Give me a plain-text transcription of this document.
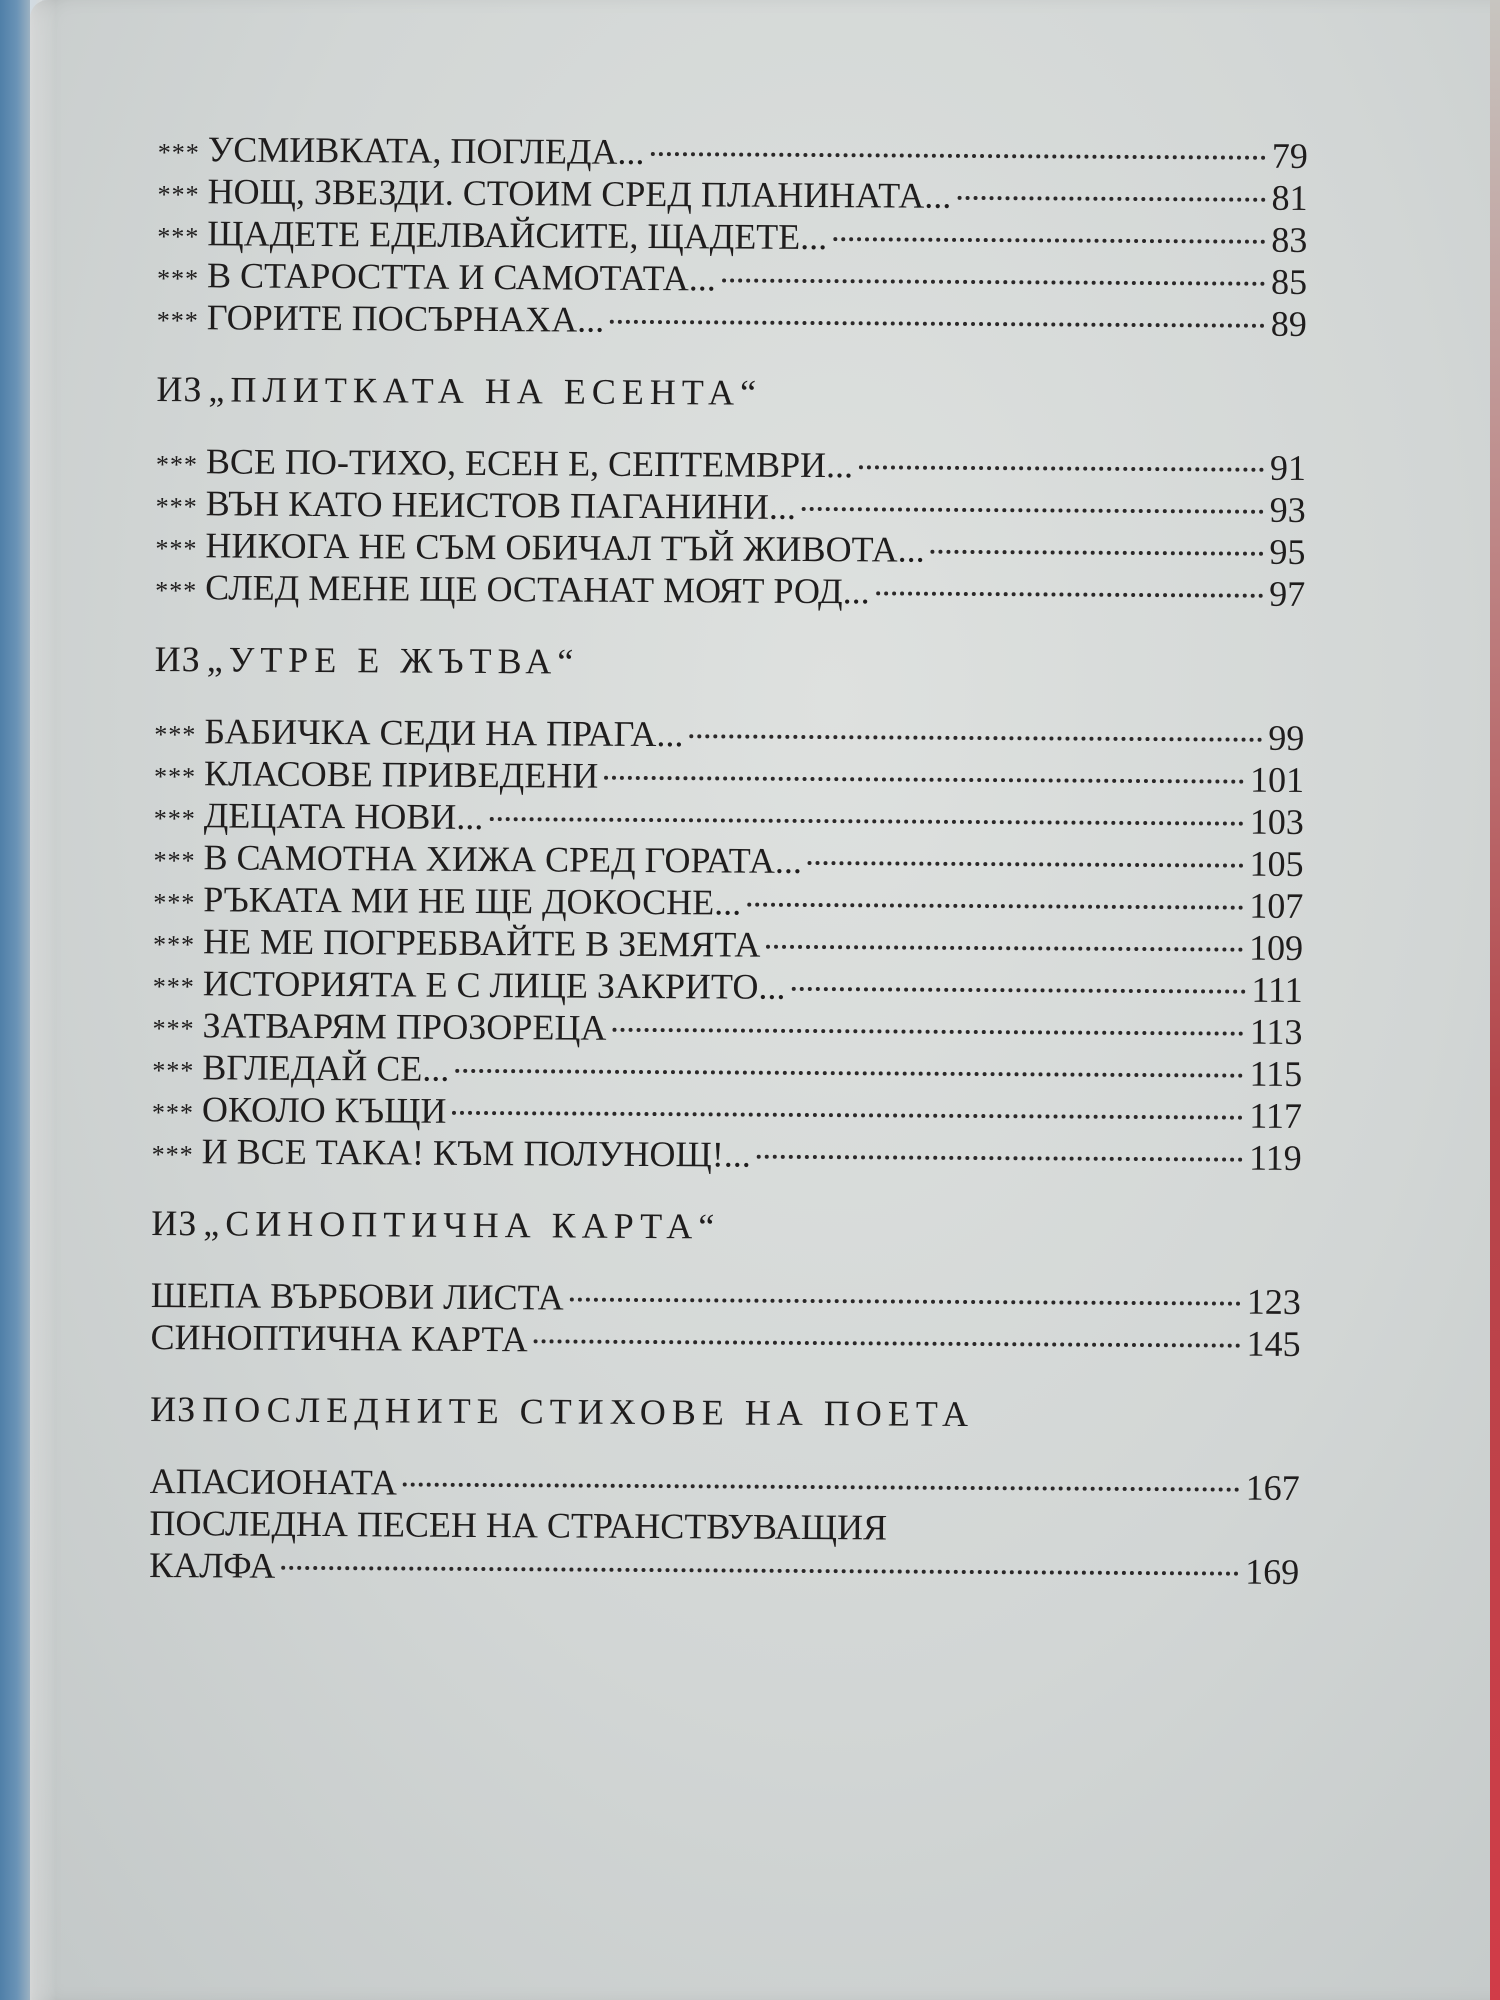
*** УСМИВКАТА, ПОГЛЕДА...	79
*** НОЩ, ЗВЕЗДИ. СТОИМ СРЕД ПЛАНИНАТА...	81
*** ЩАДЕТЕ ЕДЕЛВАЙСИТЕ, ЩАДЕТЕ...	83
*** В СТАРОСТТА И САМОТАТА...	85
*** ГОРИТЕ ПОСЪРНАХА...	89
ИЗ „ПЛИТКАТА НА ЕСЕНТА“
*** ВСЕ ПО-ТИХО, ЕСЕН Е, СЕПТЕМВРИ...	91
*** ВЪН КАТО НЕИСТОВ ПАГАНИНИ...	93
*** НИКОГА НЕ СЪМ ОБИЧАЛ ТЪЙ ЖИВОТА...	95
*** СЛЕД МЕНЕ ЩЕ ОСТАНАТ МОЯТ РОД...	97
ИЗ „УТРЕ Е ЖЪТВА“
*** БАБИЧКА СЕДИ НА ПРАГА...	99
*** КЛАСОВЕ ПРИВЕДЕНИ	101
*** ДЕЦАТА НОВИ...	103
*** В САМОТНА ХИЖА СРЕД ГОРАТА...	105
*** РЪКАТА МИ НЕ ЩЕ ДОКОСНЕ...	107
*** НЕ МЕ ПОГРЕБВАЙТЕ В ЗЕМЯТА	109
*** ИСТОРИЯТА Е С ЛИЦЕ ЗАКРИТО...	111
*** ЗАТВАРЯМ ПРОЗОРЕЦА	113
*** ВГЛЕДАЙ СЕ...	115
*** ОКОЛО КЪЩИ	117
*** И ВСЕ ТАКА! КЪМ ПОЛУНОЩ!...	119
ИЗ „СИНОПТИЧНА КАРТА“
ШЕПА ВЪРБОВИ ЛИСТА	123
СИНОПТИЧНА КАРТА	145
ИЗ ПОСЛЕДНИТЕ СТИХОВЕ НА ПОЕТА
АПАСИОНАТА	167
ПОСЛЕДНА ПЕСЕН НА СТРАНСТВУВАЩИЯ
КАЛФА	169
